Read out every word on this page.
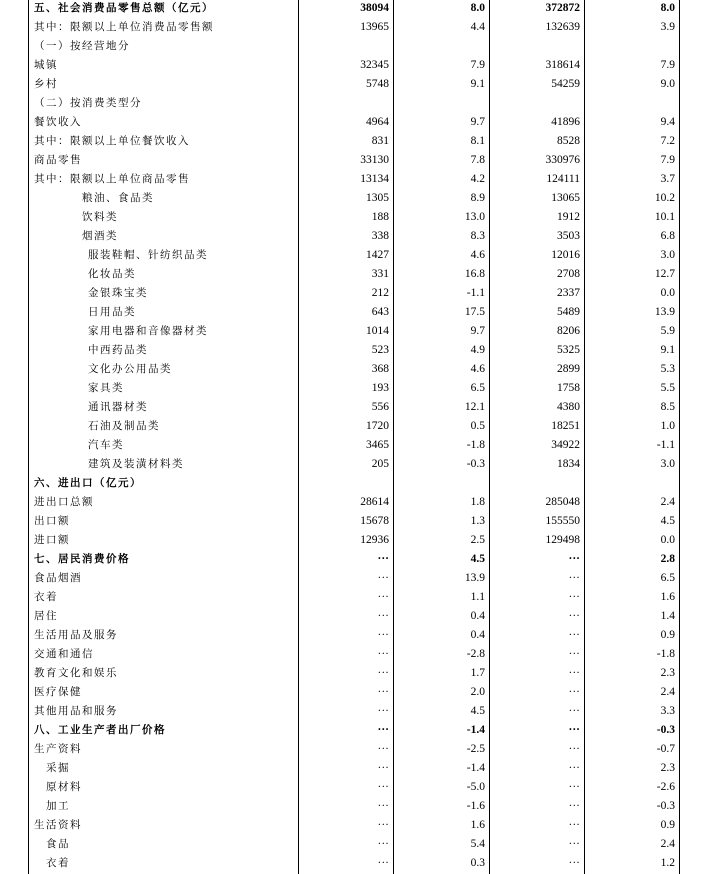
五、社会消费品零售总额（亿元）	38094	8.0	372872	8.0
其中：限额以上单位消费品零售额	13965	4.4	132639	3.9
（一）按经营地分
城镇	32345	7.9	318614	7.9
乡村	5748	9.1	54259	9.0
（二）按消费类型分
餐饮收入	4964	9.7	41896	9.4
其中：限额以上单位餐饮收入	831	8.1	8528	7.2
商品零售	33130	7.8	330976	7.9
其中：限额以上单位商品零售	13134	4.2	124111	3.7
粮油、食品类	1305	8.9	13065	10.2
饮料类	188	13.0	1912	10.1
烟酒类	338	8.3	3503	6.8
服装鞋帽、针纺织品类	1427	4.6	12016	3.0
化妆品类	331	16.8	2708	12.7
金银珠宝类	212	-1.1	2337	0.0
日用品类	643	17.5	5489	13.9
家用电器和音像器材类	1014	9.7	8206	5.9
中西药品类	523	4.9	5325	9.1
文化办公用品类	368	4.6	2899	5.3
家具类	193	6.5	1758	5.5
通讯器材类	556	12.1	4380	8.5
石油及制品类	1720	0.5	18251	1.0
汽车类	3465	-1.8	34922	-1.1
建筑及装潢材料类	205	-0.3	1834	3.0
六、进出口（亿元）
进出口总额	28614	1.8	285048	2.4
出口额	15678	1.3	155550	4.5
进口额	12936	2.5	129498	0.0
七、居民消费价格	···	4.5	···	2.8
食品烟酒	···	13.9	···	6.5
衣着	···	1.1	···	1.6
居住	···	0.4	···	1.4
生活用品及服务	···	0.4	···	0.9
交通和通信	···	-2.8	···	-1.8
教育文化和娱乐	···	1.7	···	2.3
医疗保健	···	2.0	···	2.4
其他用品和服务	···	4.5	···	3.3
八、工业生产者出厂价格	···	-1.4	···	-0.3
生产资料	···	-2.5	···	-0.7
采掘	···	-1.4	···	2.3
原材料	···	-5.0	···	-2.6
加工	···	-1.6	···	-0.3
生活资料	···	1.6	···	0.9
食品	···	5.4	···	2.4
衣着	···	0.3	···	1.2
